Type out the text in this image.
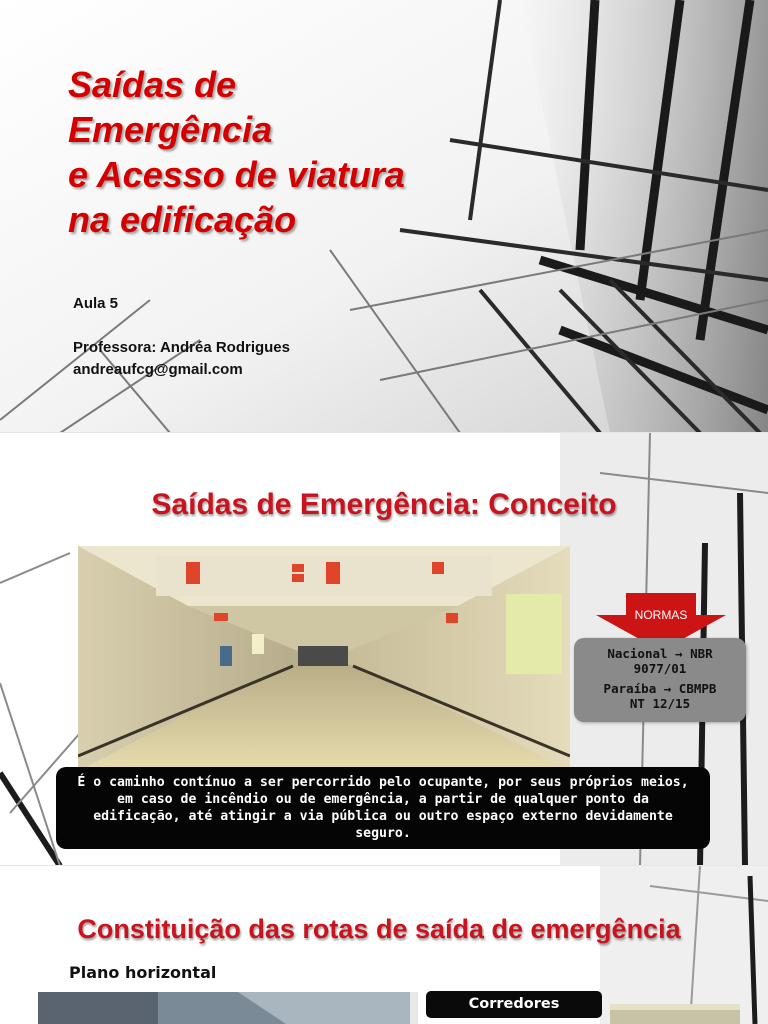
Saídas de
Emergência
e Acesso de viatura
na edificação
Aula 5
Professora: Andréa Rodrigues
andreaufcg@gmail.com
Saídas de Emergência: Conceito
NORMAS
Nacional → NBR
9077/01
Paraíba → CBMPB
NT 12/15
É o caminho contínuo a ser percorrido pelo ocupante, por seus próprios meios, em caso de incêndio ou de emergência, a partir de qualquer ponto da edificação, até atingir a via pública ou outro espaço externo devidamente seguro.
Constituição das rotas de saída de emergência
Plano horizontal
Corredores
